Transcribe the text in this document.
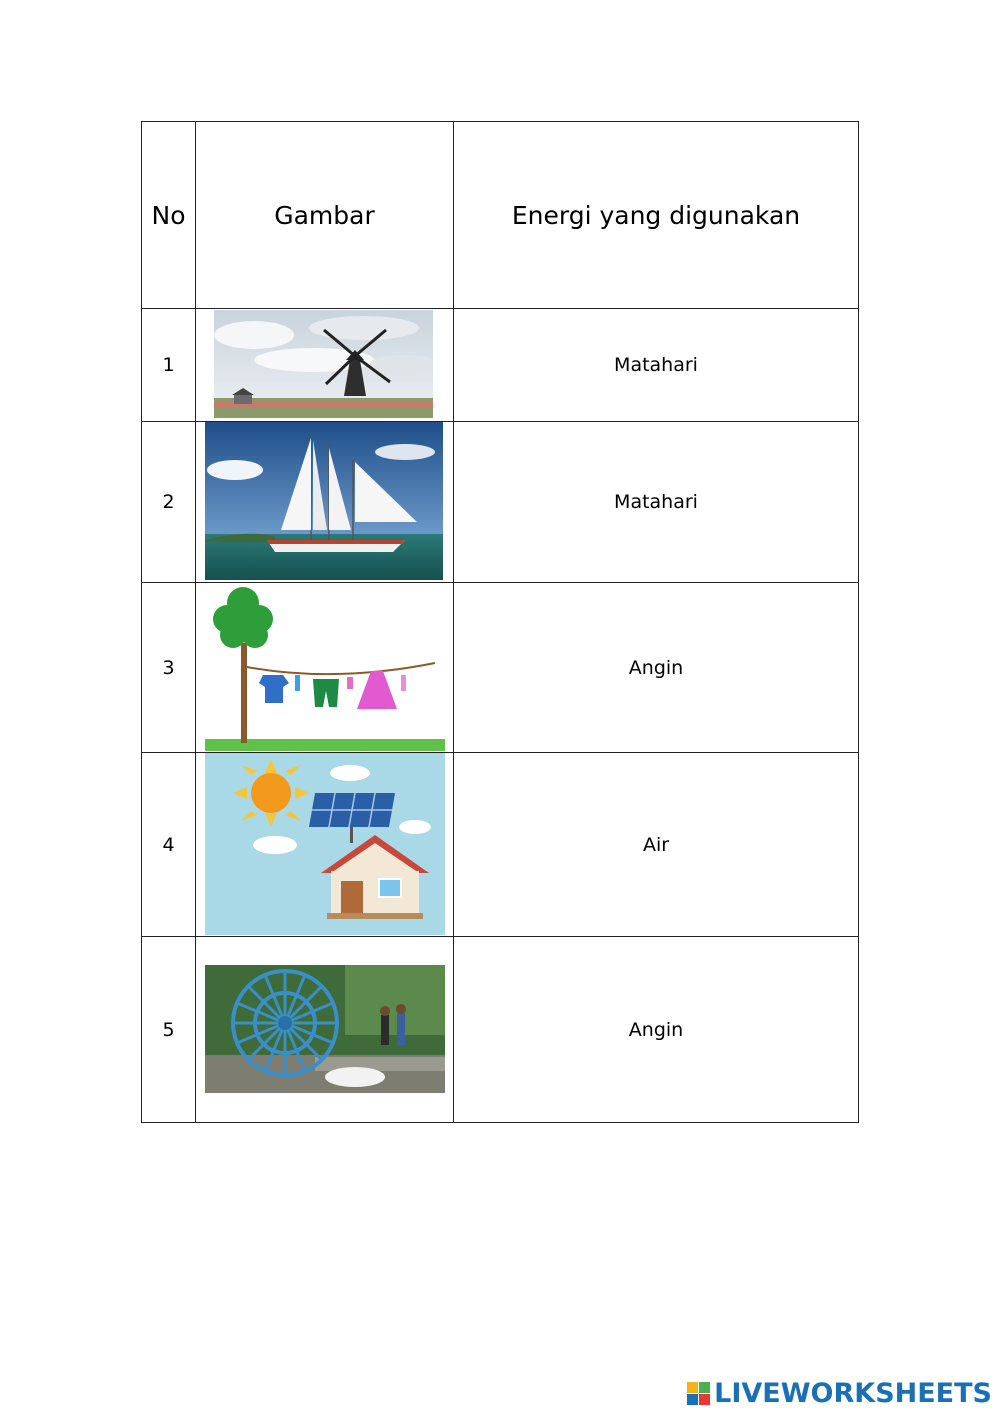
No	Gambar	Energi yang digunakan
1		Matahari
2		Matahari
3		Angin
4		Air
5		Angin
LIVEWORKSHEETS
